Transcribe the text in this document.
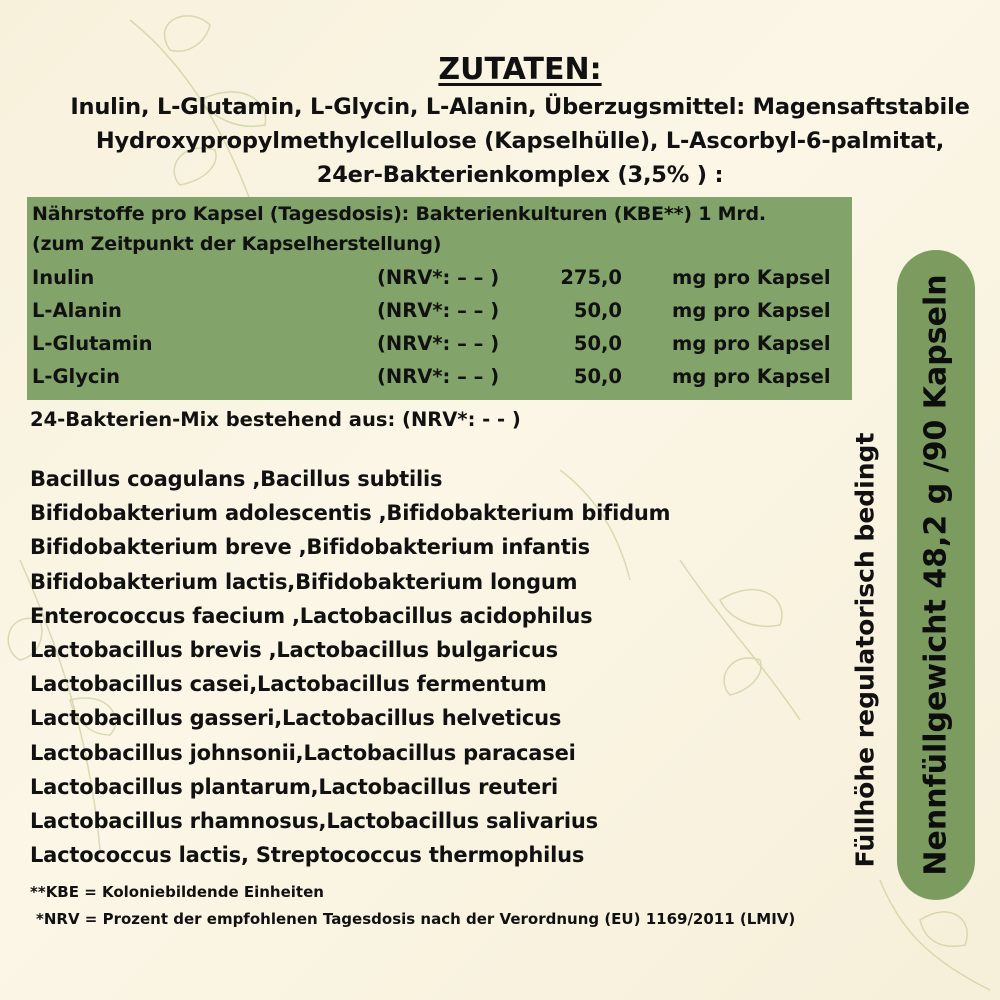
ZUTATEN:
Inulin, L-Glutamin, L-Glycin, L-Alanin, Überzugsmittel: Magensaftstabile
Hydroxypropylmethylcellulose (Kapselhülle), L-Ascorbyl-6-palmitat,
24er-Bakterienkomplex (3,5% ) :
Nährstoffe pro Kapsel (Tagesdosis): Bakterienkulturen (KBE**) 1 Mrd.
(zum Zeitpunkt der Kapselherstellung)
Inulin	(NRV*: – – )	275,0	mg pro Kapsel
L-Alanin	(NRV*: – – )	50,0	mg pro Kapsel
L-Glutamin	(NRV*: – – )	50,0	mg pro Kapsel
L-Glycin	(NRV*: – – )	50,0	mg pro Kapsel
24-Bakterien-Mix bestehend aus: (NRV*: - - )
Bacillus coagulans ,Bacillus subtilis
Bifidobakterium adolescentis ,Bifidobakterium bifidum
Bifidobakterium breve ,Bifidobakterium infantis
Bifidobakterium lactis,Bifidobakterium longum
Enterococcus faecium ,Lactobacillus acidophilus
Lactobacillus brevis ,Lactobacillus bulgaricus
Lactobacillus casei,Lactobacillus fermentum
Lactobacillus gasseri,Lactobacillus helveticus
Lactobacillus johnsonii,Lactobacillus paracasei
Lactobacillus plantarum,Lactobacillus reuteri
Lactobacillus rhamnosus,Lactobacillus salivarius
Lactococcus lactis, Streptococcus thermophilus
**KBE = Koloniebildende Einheiten
*NRV = Prozent der empfohlenen Tagesdosis nach der Verordnung (EU) 1169/2011 (LMIV)
Füllhöhe regulatorisch bedingt Nennfüllgewicht 48,2 g /90 Kapseln
